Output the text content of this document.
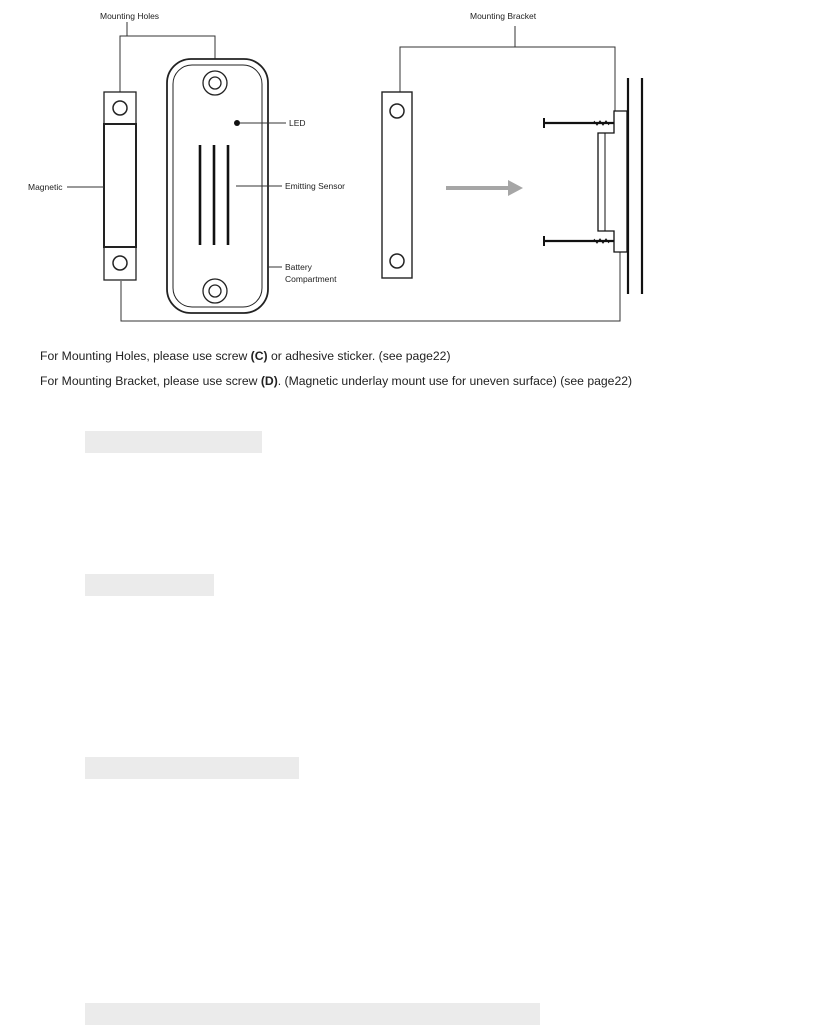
Mounting Holes	Mounting Bracket
LED
Magnetic	Emitting Sensor
Battery
Compartment
For Mounting Holes, please use screw (C) or adhesive sticker. (see page22)
For Mounting Bracket, please use screw (D). (Magnetic underlay mount use for uneven surface) (see page22)
